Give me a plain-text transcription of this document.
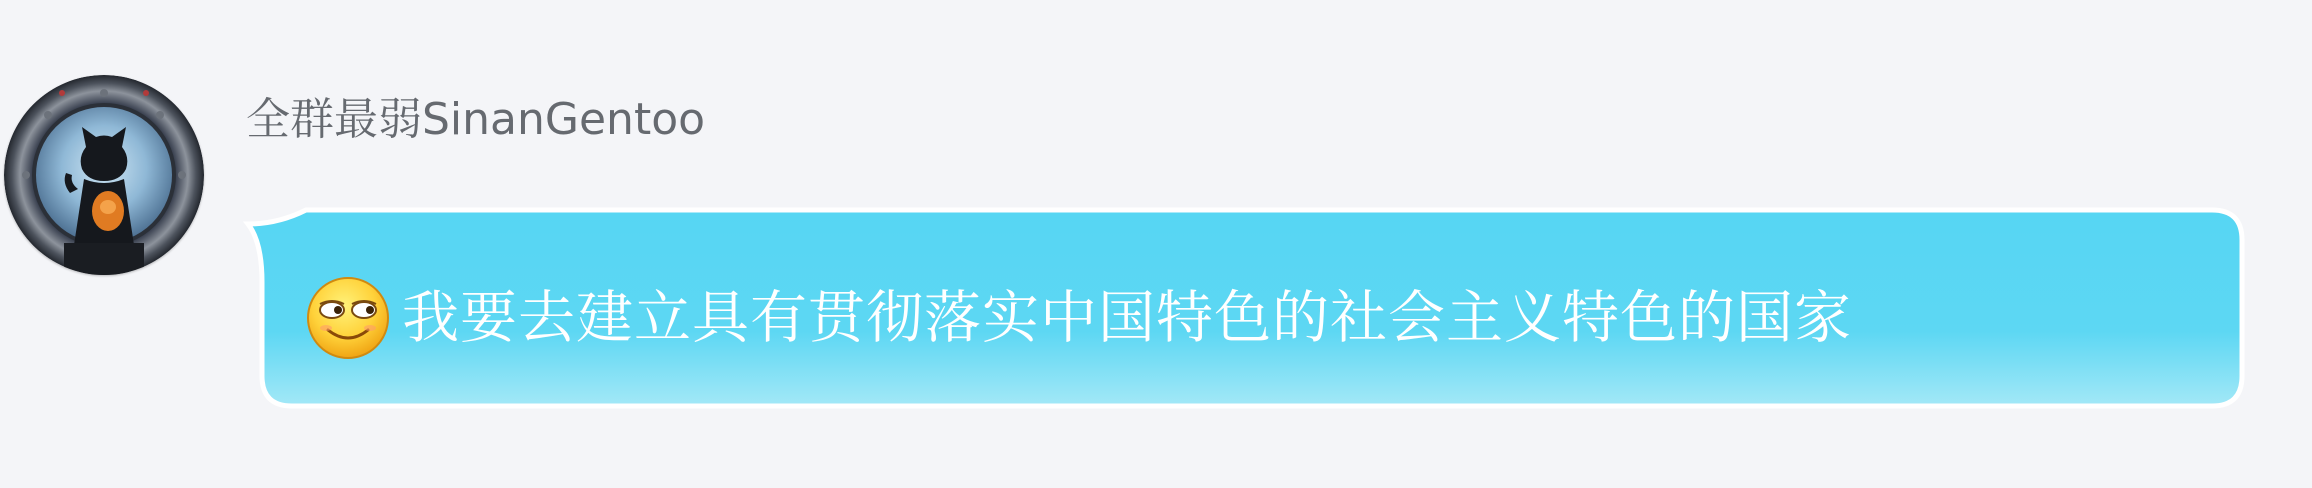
全群最弱SinanGentoo
我要去建立具有贯彻落实中国特色的社会主义特色的国家
